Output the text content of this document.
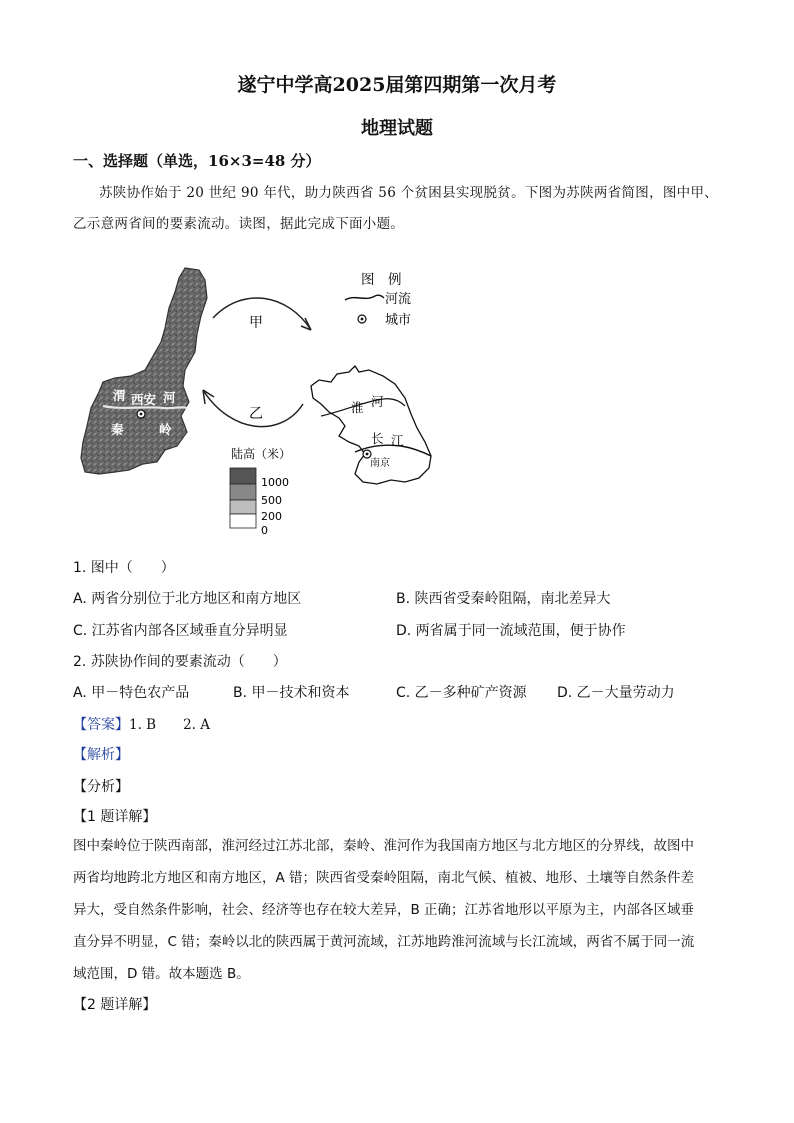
遂宁中学高2025届第四期第一次月考
地理试题
一、选择题（单选，16×3=48 分）
苏陕协作始于 20 世纪 90 年代，助力陕西省 56 个贫困县实现脱贫。下图为苏陕两省简图，图中甲、
乙示意两省间的要素流动。读图，据此完成下面小题。
渭 西安 河
秦	岭
甲
乙
图　例
河流
城市
淮 河
长 江
南京
陆高（米）
1000
500
200
0
1. 图中（　　）
A. 两省分别位于北方地区和南方地区	B. 陕西省受秦岭阻隔，南北差异大
C. 江苏省内部各区域垂直分异明显	D. 两省属于同一流域范围，便于协作
2. 苏陕协作间的要素流动（　　）
A. 甲－特色农产品	B. 甲－技术和资本	C. 乙－多种矿产资源 D. 乙－大量劳动力
【答案】1. B　　2. A
【解析】
【分析】
【1 题详解】
图中秦岭位于陕西南部，淮河经过江苏北部，秦岭、淮河作为我国南方地区与北方地区的分界线，故图中
两省均地跨北方地区和南方地区，A 错；陕西省受秦岭阻隔，南北气候、植被、地形、土壤等自然条件差
异大，受自然条件影响，社会、经济等也存在较大差异，B 正确；江苏省地形以平原为主，内部各区域垂
直分异不明显，C 错；秦岭以北的陕西属于黄河流域，江苏地跨淮河流域与长江流域，两省不属于同一流
域范围，D 错。故本题选 B。
【2 题详解】
